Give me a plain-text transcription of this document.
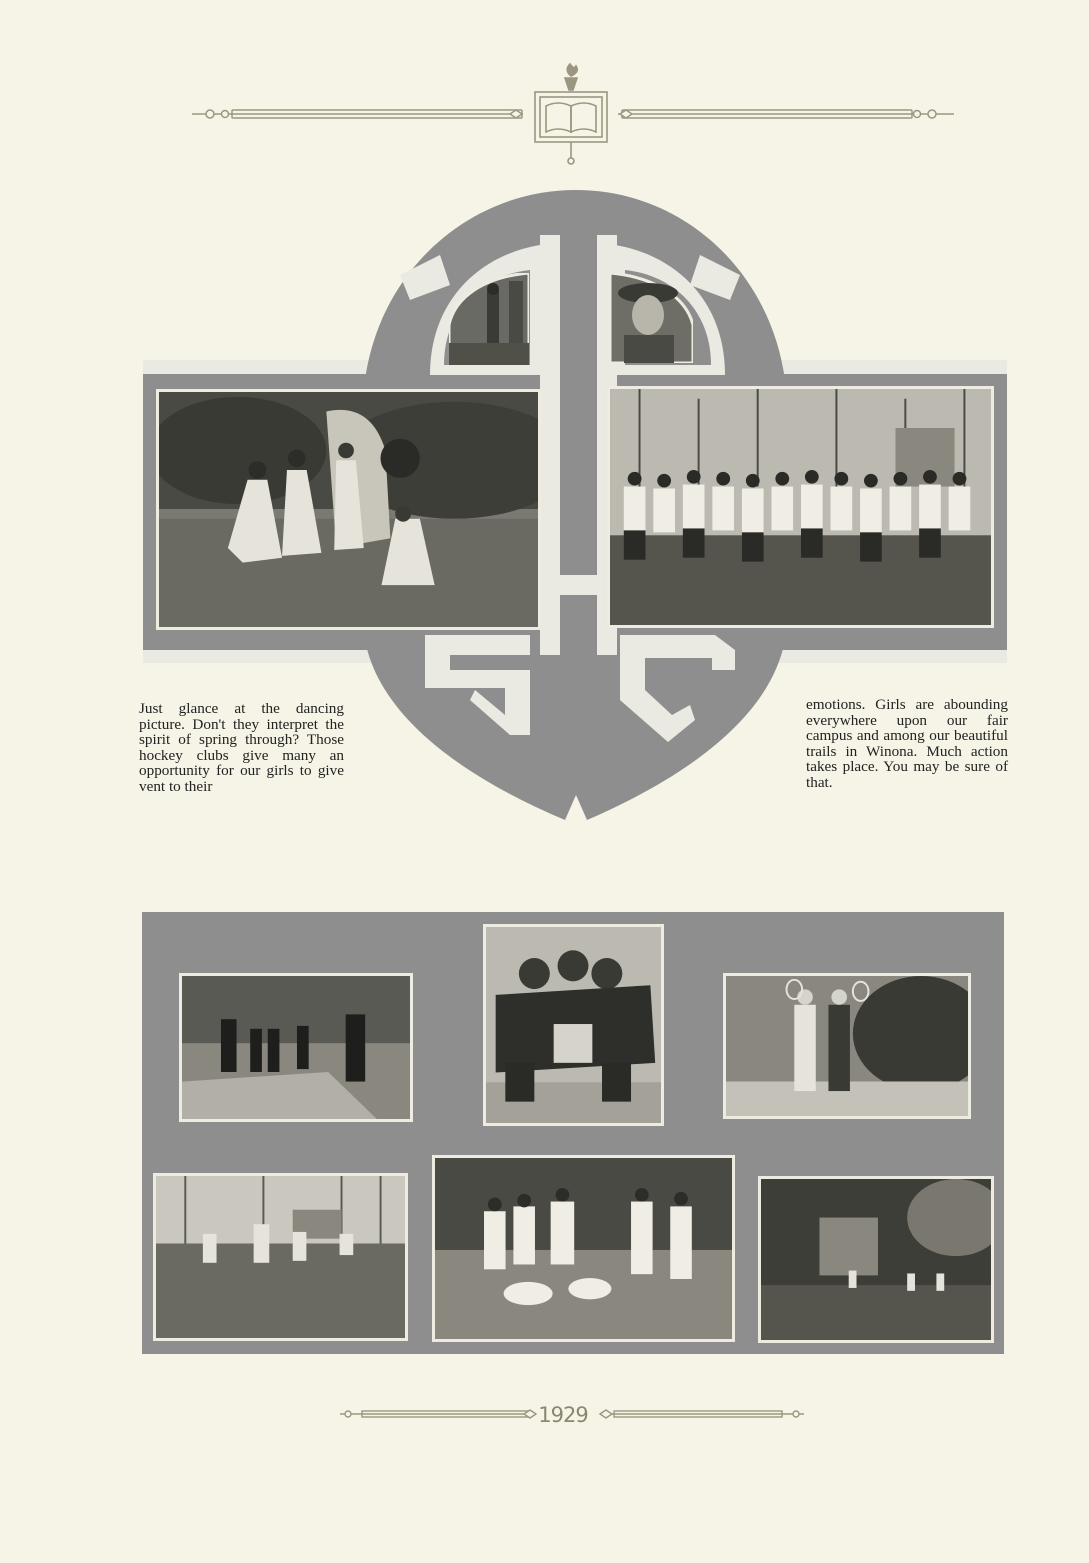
Just glance at the dancing picture. Don't they interpret the spirit of spring through? Those hockey clubs give many an opportunity for our girls to give vent to their
emotions. Girls are abounding everywhere upon our fair campus and among our beautiful trails in Winona. Much action takes place. You may be sure of that.
1929
